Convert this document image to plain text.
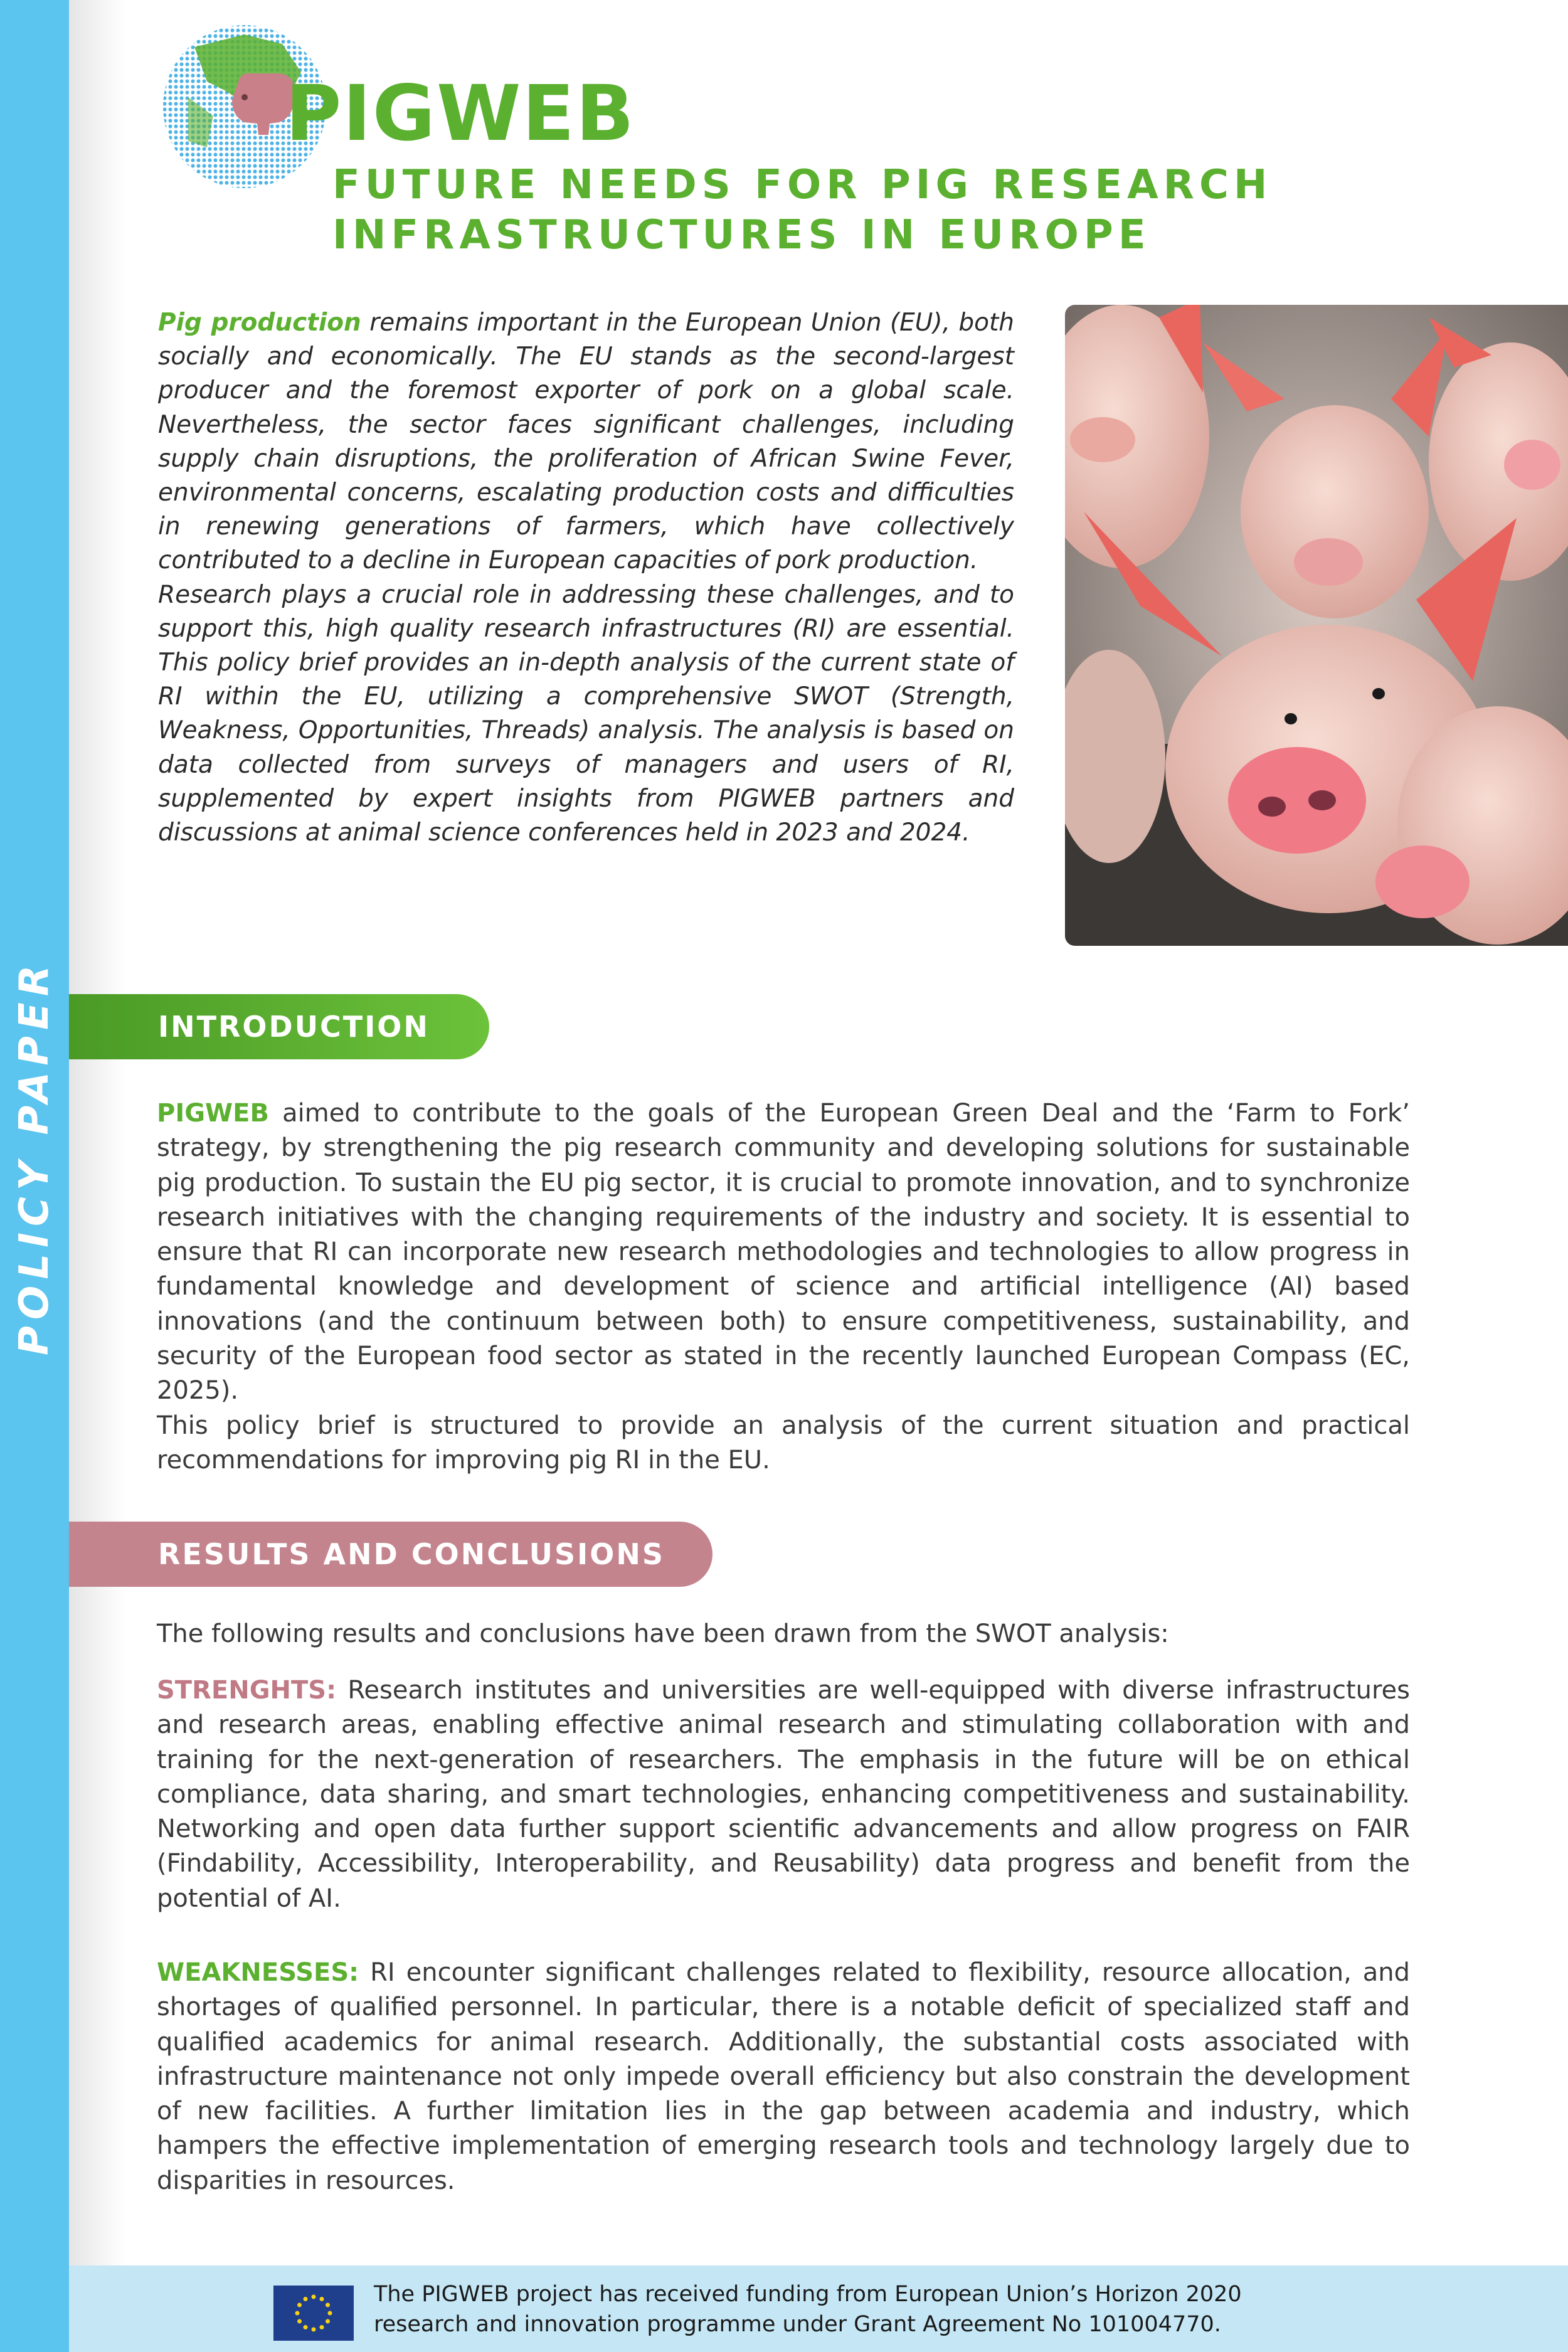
POLICY PAPER
PIGWEB
FUTURE NEEDS FOR PIG RESEARCH
INFRASTRUCTURES IN EUROPE

Pig production remains important in the European Union (EU), both socially and economically. The EU stands as the second-largest producer and the foremost exporter of pork on a global scale. Nevertheless, the sector faces significant challenges, including supply chain disruptions, the proliferation of African Swine Fever, environmental concerns, escalating production costs and difficulties in renewing generations of farmers, which have collectively contributed to a decline in European capacities of pork production.
Research plays a crucial role in addressing these challenges, and to support this, high quality research infrastructures (RI) are essential. This policy brief provides an in-depth analysis of the current state of RI within the EU, utilizing a comprehensive SWOT (Strength, Weakness, Opportunities, Threads) analysis. The analysis is based on data collected from surveys of managers and users of RI, supplemented by expert insights from PIGWEB partners and discussions at animal science conferences held in 2023 and 2024.

INTRODUCTION

PIGWEB aimed to contribute to the goals of the European Green Deal and the ‘Farm to Fork’ strategy, by strengthening the pig research community and developing solutions for sustainable pig production. To sustain the EU pig sector, it is crucial to promote innovation, and to synchronize research initiatives with the changing requirements of the industry and society. It is essential to ensure that RI can incorporate new research methodologies and technologies to allow progress in fundamental knowledge and development of science and artificial intelligence (AI) based innovations (and the continuum between both) to ensure competitiveness, sustainability, and security of the European food sector as stated in the recently launched European Compass (EC, 2025).
This policy brief is structured to provide an analysis of the current situation and practical recommendations for improving pig RI in the EU.

RESULTS AND CONCLUSIONS

The following results and conclusions have been drawn from the SWOT analysis:

STRENGHTS: Research institutes and universities are well-equipped with diverse infrastructures and research areas, enabling effective animal research and stimulating collaboration with and training for the next-generation of researchers. The emphasis in the future will be on ethical compliance, data sharing, and smart technologies, enhancing competitiveness and sustainability. Networking and open data further support scientific advancements and allow progress on FAIR (Findability, Accessibility, Interoperability, and Reusability) data progress and benefit from the potential of AI.

WEAKNESSES: RI encounter significant challenges related to flexibility, resource allocation, and shortages of qualified personnel. In particular, there is a notable deficit of specialized staff and qualified academics for animal research. Additionally, the substantial costs associated with infrastructure maintenance not only impede overall efficiency but also constrain the development of new facilities. A further limitation lies in the gap between academia and industry, which hampers the effective implementation of emerging research tools and technology largely due to disparities in resources.

The PIGWEB project has received funding from European Union’s Horizon 2020
research and innovation programme under Grant Agreement No 101004770.
